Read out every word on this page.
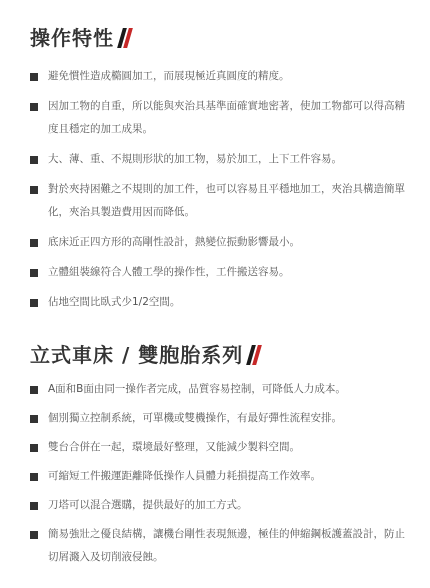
操作特性
避免慣性造成橢圓加工，而展現極近真圓度的精度。
因加工物的自重，所以能與夾治具基準面確實地密著，使加工物都可以得高精度且穩定的加工成果。
大、薄、重、不規則形狀的加工物，易於加工，上下工件容易。
對於夾持困難之不規則的加工件，也可以容易且平穩地加工，夾治具構造簡單化，夾治具製造費用因而降低。
底床近正四方形的高剛性設計，熱變位振動影響最小。
立體組裝線符合人體工學的操作性，工件搬送容易。
佔地空間比臥式少1/2空間。
立式車床 / 雙胞胎系列
A面和B面由同一操作者完成，品質容易控制，可降低人力成本。
個別獨立控制系統，可單機或雙機操作，有最好彈性流程安排。
雙台合併在一起，環境最好整理，又能減少製料空間。
可縮短工件搬運距離降低操作人員體力耗損提高工作效率。
刀塔可以混合選購，提供最好的加工方式。
簡易強壯之優良結構，讓機台剛性表現無邊，極佳的伸縮鋼板護蓋設計，防止切屑濺入及切削液侵蝕。
